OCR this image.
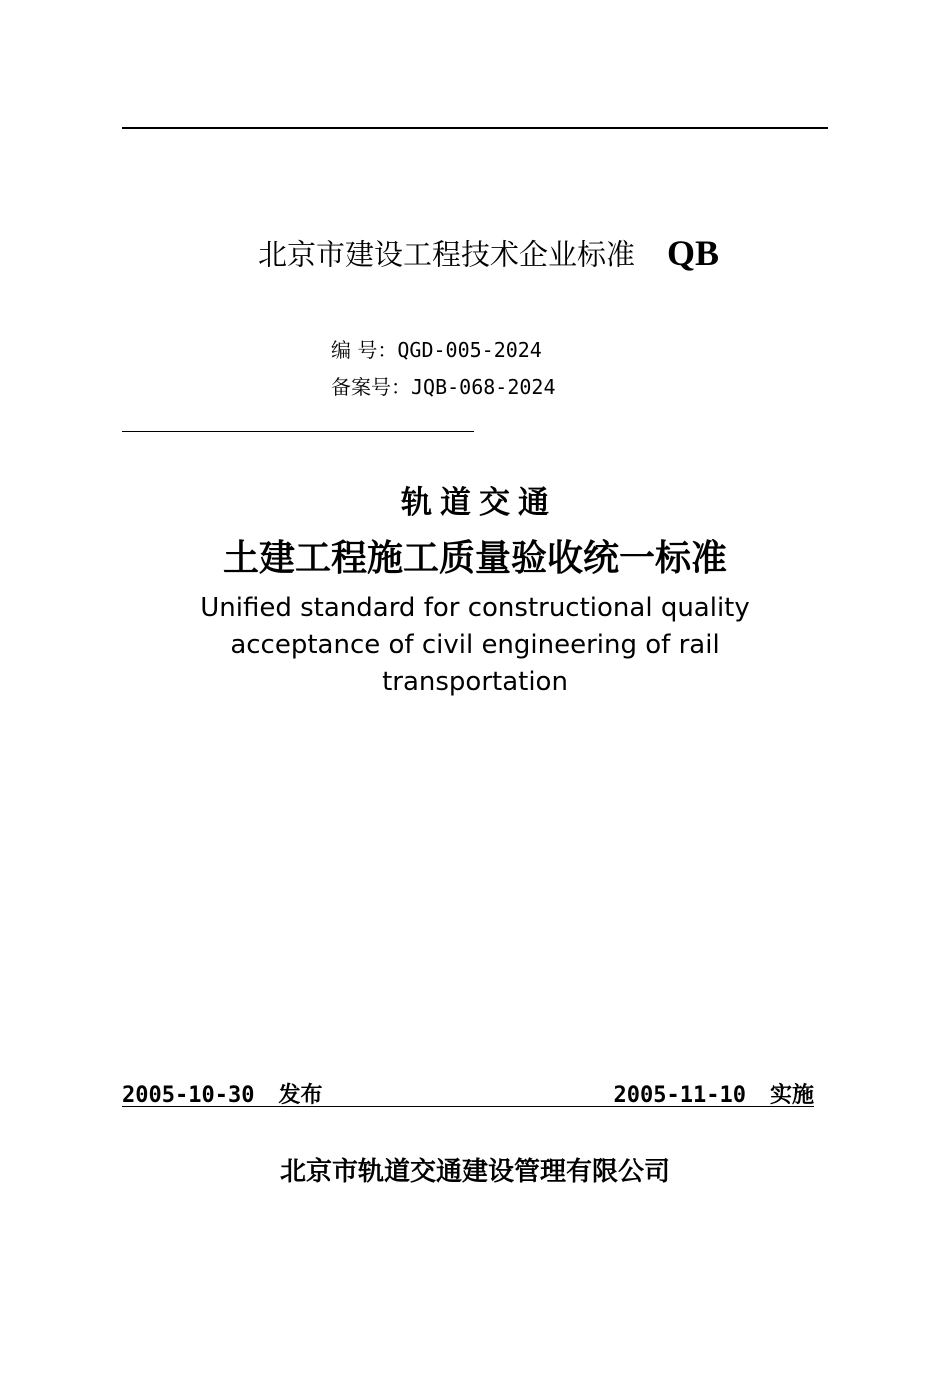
北京市建设工程技术企业标准 QB
编 号：QGD-005-2024
备案号：JQB-068-2024
轨道交通
土建工程施工质量验收统一标准
Unified standard for constructional quality
acceptance of civil engineering of rail
transportation
2005-10-30 发布	2005-11-10 实施
北京市轨道交通建设管理有限公司
